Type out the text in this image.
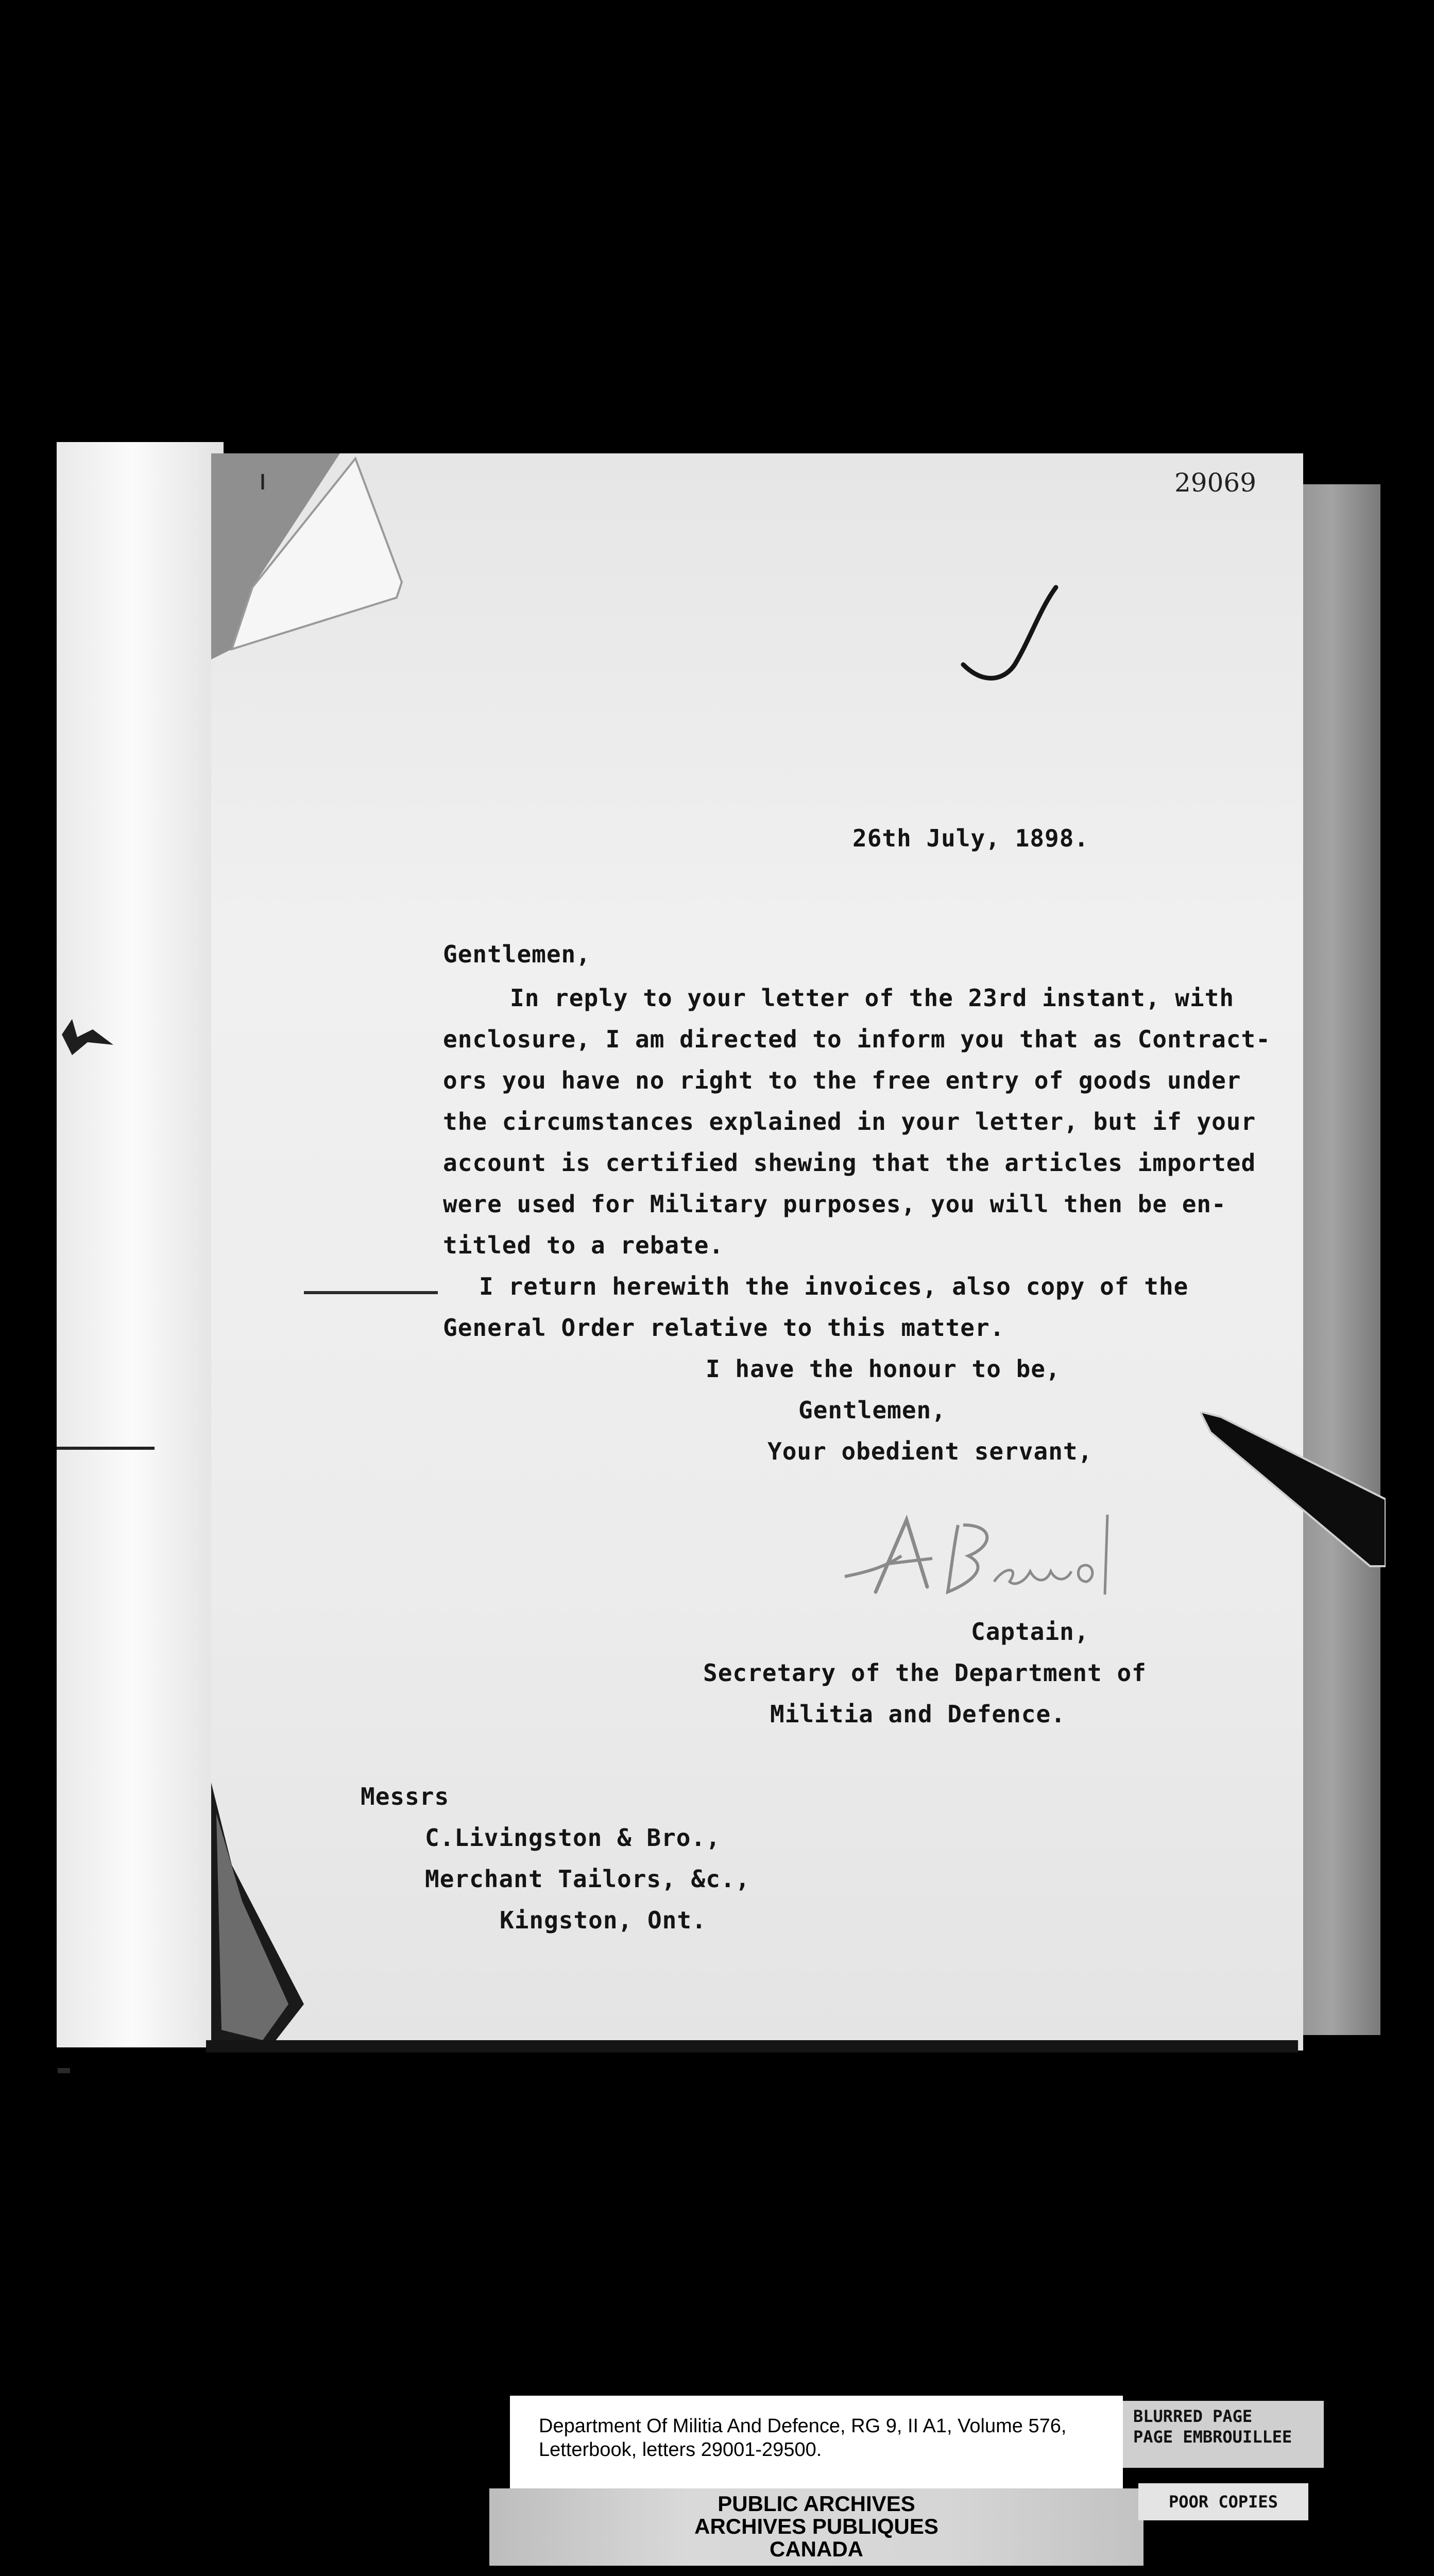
29069
26th July, 1898.
Gentlemen,
In reply to your letter of the 23rd instant, with
enclosure, I am directed to inform you that as Contract-
ors you have no right to the free entry of goods under
the circumstances explained in your letter, but if your
account is certified shewing that the articles imported
were used for Military purposes, you will then be en-
titled to a rebate.
I return herewith the invoices, also copy of the
General Order relative to this matter.
I have the honour to be,
Gentlemen,
Your obedient servant,
Captain,
Secretary of the Department of
Militia and Defence.
Messrs
C.Livingston & Bro.,
Merchant Tailors, &c.,
Kingston, Ont.
Department Of Militia And Defence, RG 9, II A1, Volume 576,
Letterbook, letters 29001-29500.
BLURRED PAGE
PAGE EMBROUILLEE
PUBLIC ARCHIVES
ARCHIVES PUBLIQUES
CANADA
POOR COPIES
